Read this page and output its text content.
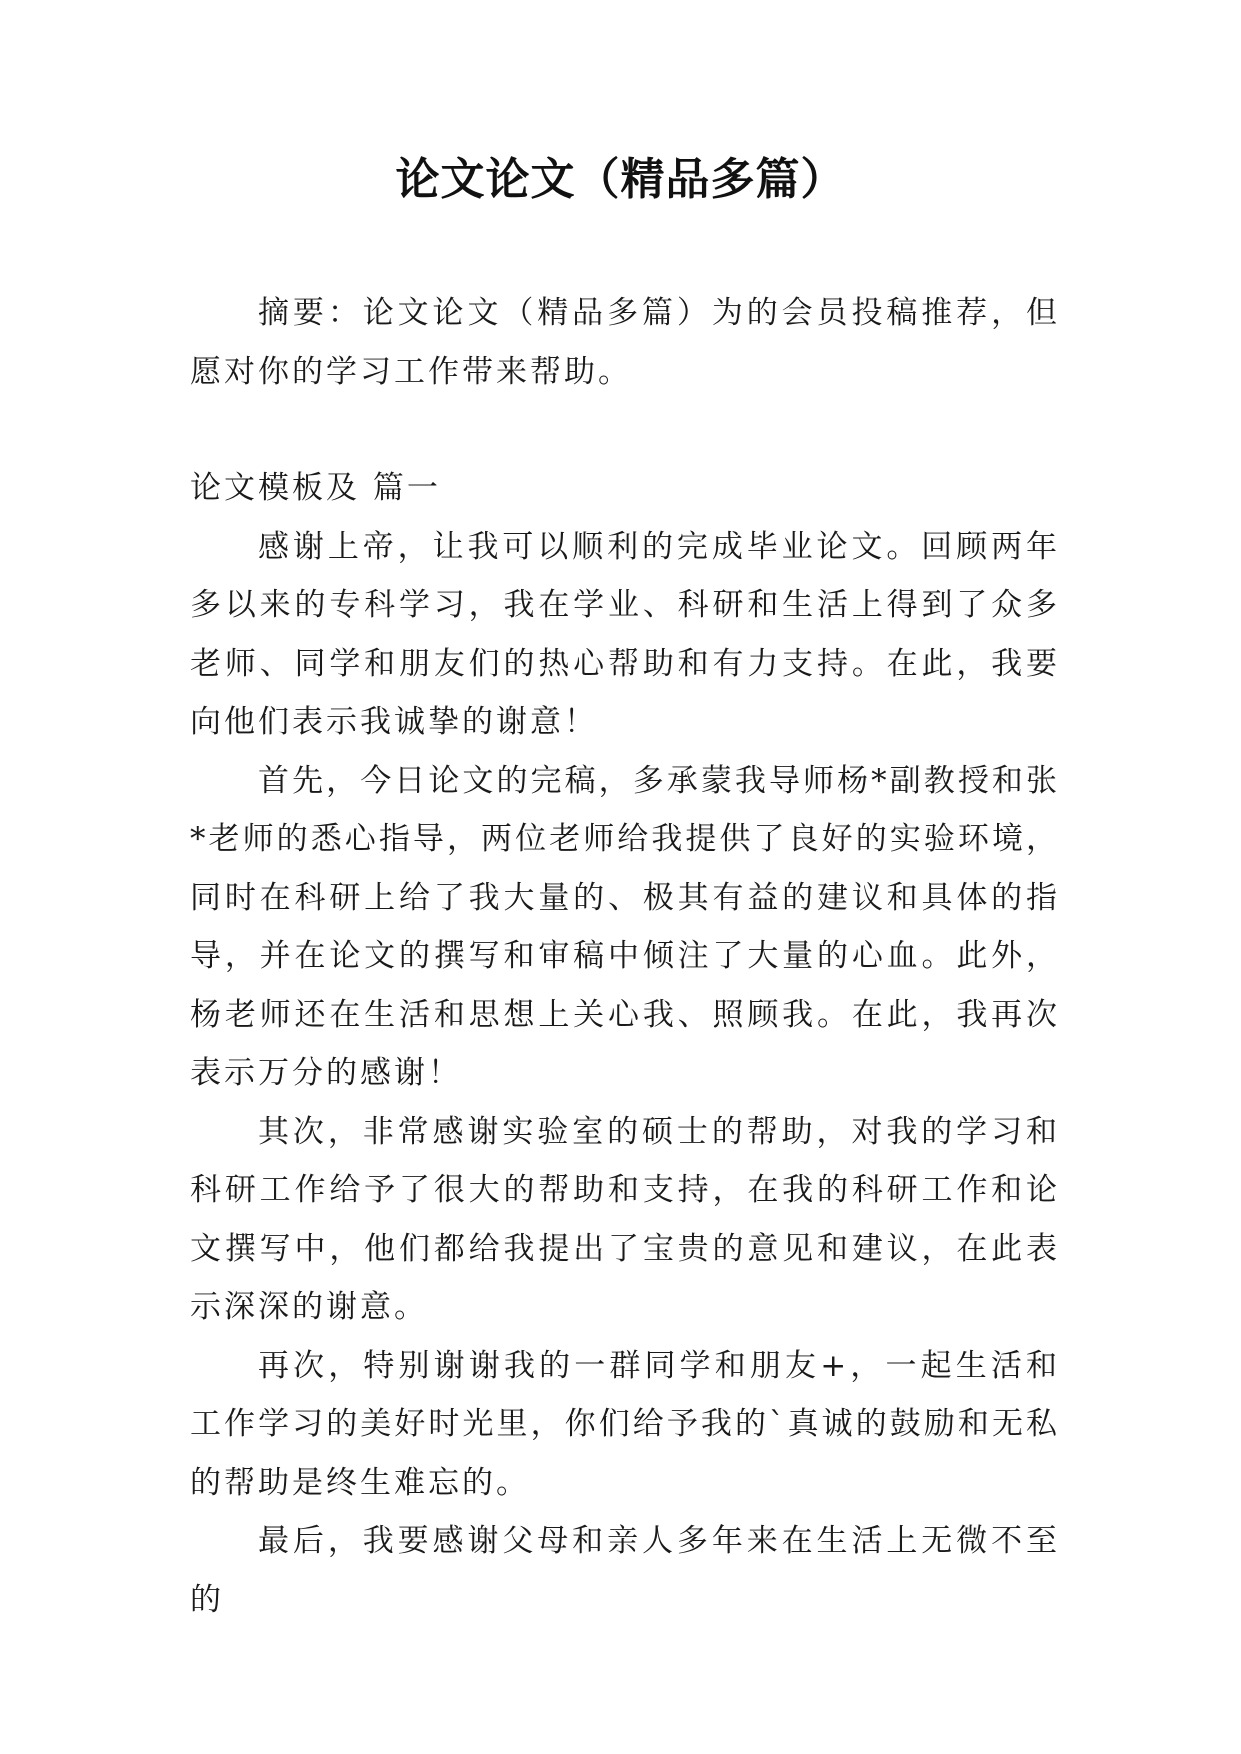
论文论文（精品多篇）

摘要：论文论文（精品多篇）为的会员投稿推荐，但愿对你的学习工作带来帮助。

论文模板及 篇一

感谢上帝，让我可以顺利的完成毕业论文。回顾两年多以来的专科学习，我在学业、科研和生活上得到了众多老师、同学和朋友们的热心帮助和有力支持。在此，我要向他们表示我诚挚的谢意！

首先，今日论文的完稿，多承蒙我导师杨*副教授和张*老师的悉心指导，两位老师给我提供了良好的实验环境，同时在科研上给了我大量的、极其有益的建议和具体的指导，并在论文的撰写和审稿中倾注了大量的心血。此外，杨老师还在生活和思想上关心我、照顾我。在此，我再次表示万分的感谢！

其次，非常感谢实验室的硕士的帮助，对我的学习和科研工作给予了很大的帮助和支持，在我的科研工作和论文撰写中，他们都给我提出了宝贵的意见和建议，在此表示深深的谢意。

再次，特别谢谢我的一群同学和朋友+，一起生活和工作学习的美好时光里，你们给予我的`真诚的鼓励和无私的帮助是终生难忘的。

最后，我要感谢父母和亲人多年来在生活上无微不至的
